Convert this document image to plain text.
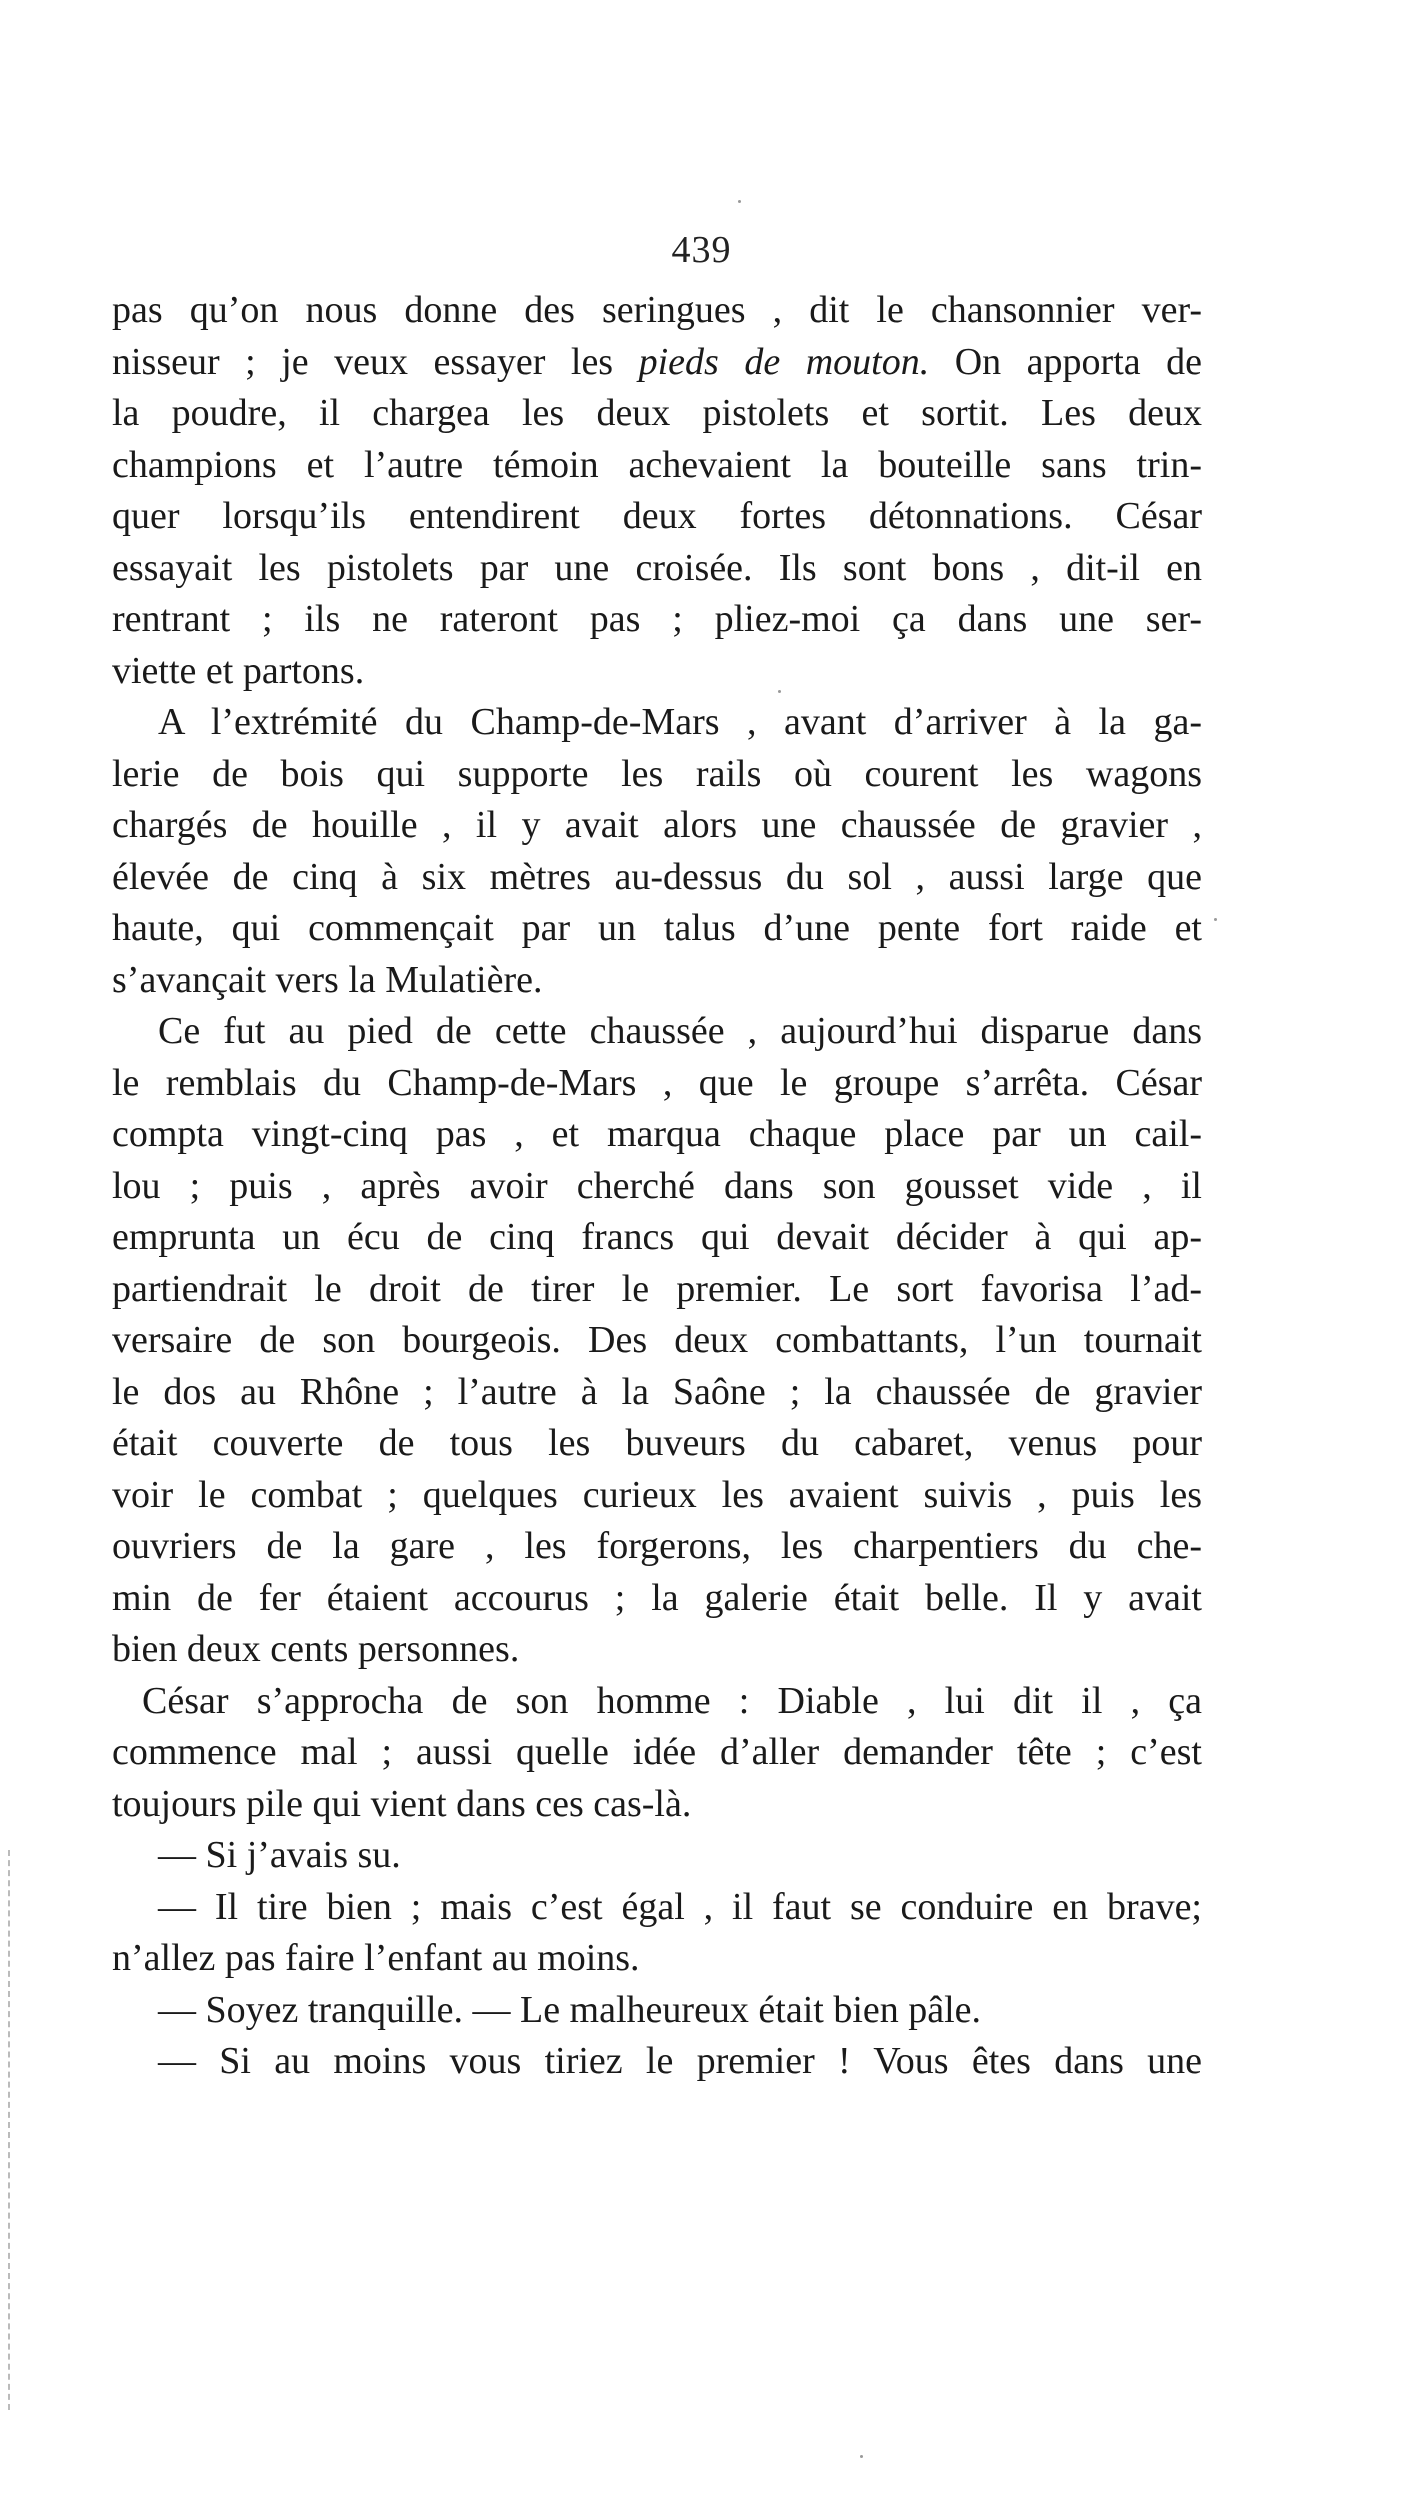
439
pas qu’on nous donne des seringues , dit le chansonnier ver-
nisseur ; je veux essayer les pieds de mouton. On apporta de
la poudre, il chargea les deux pistolets et sortit. Les deux
champions et l’autre témoin achevaient la bouteille sans trin-
quer lorsqu’ils entendirent deux fortes détonnations. César
essayait les pistolets par une croisée. Ils sont bons , dit-il en
rentrant ; ils ne rateront pas ; pliez-moi ça dans une ser-
viette et partons.
A l’extrémité du Champ-de-Mars , avant d’arriver à la ga-
lerie de bois qui supporte les rails où courent les wagons
chargés de houille , il y avait alors une chaussée de gravier ,
élevée de cinq à six mètres au-dessus du sol , aussi large que
haute, qui commençait par un talus d’une pente fort raide et
s’avançait vers la Mulatière.
Ce fut au pied de cette chaussée , aujourd’hui disparue dans
le remblais du Champ-de-Mars , que le groupe s’arrêta. César
compta vingt-cinq pas , et marqua chaque place par un cail-
lou ; puis , après avoir cherché dans son gousset vide , il
emprunta un écu de cinq francs qui devait décider à qui ap-
partiendrait le droit de tirer le premier. Le sort favorisa l’ad-
versaire de son bourgeois. Des deux combattants, l’un tournait
le dos au Rhône ; l’autre à la Saône ; la chaussée de gravier
était couverte de tous les buveurs du cabaret, venus pour
voir le combat ; quelques curieux les avaient suivis , puis les
ouvriers de la gare , les forgerons, les charpentiers du che-
min de fer étaient accourus ; la galerie était belle. Il y avait
bien deux cents personnes.
César s’approcha de son homme : Diable , lui dit il , ça
commence mal ; aussi quelle idée d’aller demander tête ; c’est
toujours pile qui vient dans ces cas-là.
— Si j’avais su.
— Il tire bien ; mais c’est égal , il faut se conduire en brave;
n’allez pas faire l’enfant au moins.
— Soyez tranquille. — Le malheureux était bien pâle.
— Si au moins vous tiriez le premier ! Vous êtes dans une
